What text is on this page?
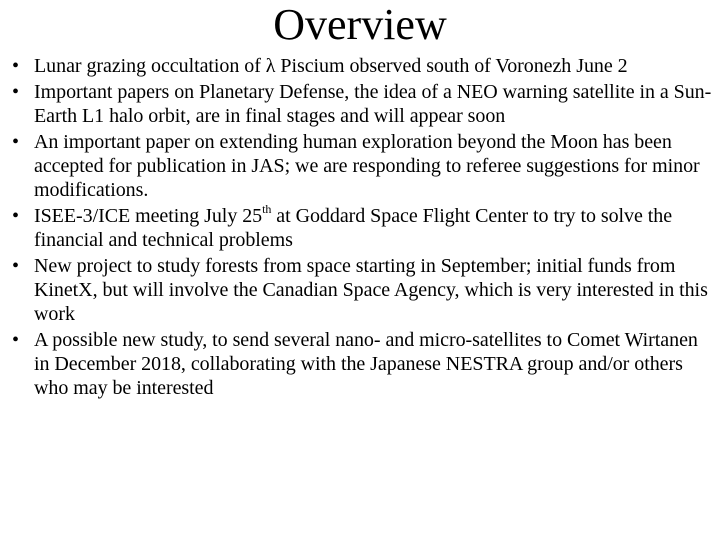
Overview
• Lunar grazing occultation of λ Piscium observed south of Voronezh June 2
• Important papers on Planetary Defense, the idea of a NEO warning satellite in a Sun-Earth L1 halo orbit, are in final stages and will appear soon
• An important paper on extending human exploration beyond the Moon has been accepted for publication in JAS; we are responding to referee suggestions for minor modifications.
• ISEE-3/ICE meeting July 25th at Goddard Space Flight Center to try to solve the financial and technical problems
• New project to study forests from space starting in September; initial funds from KinetX, but will involve the Canadian Space Agency, which is very interested in this work
• A possible new study, to send several nano- and micro-satellites to Comet Wirtanen in December 2018, collaborating with the Japanese NESTRA group and/or others who may be interested
